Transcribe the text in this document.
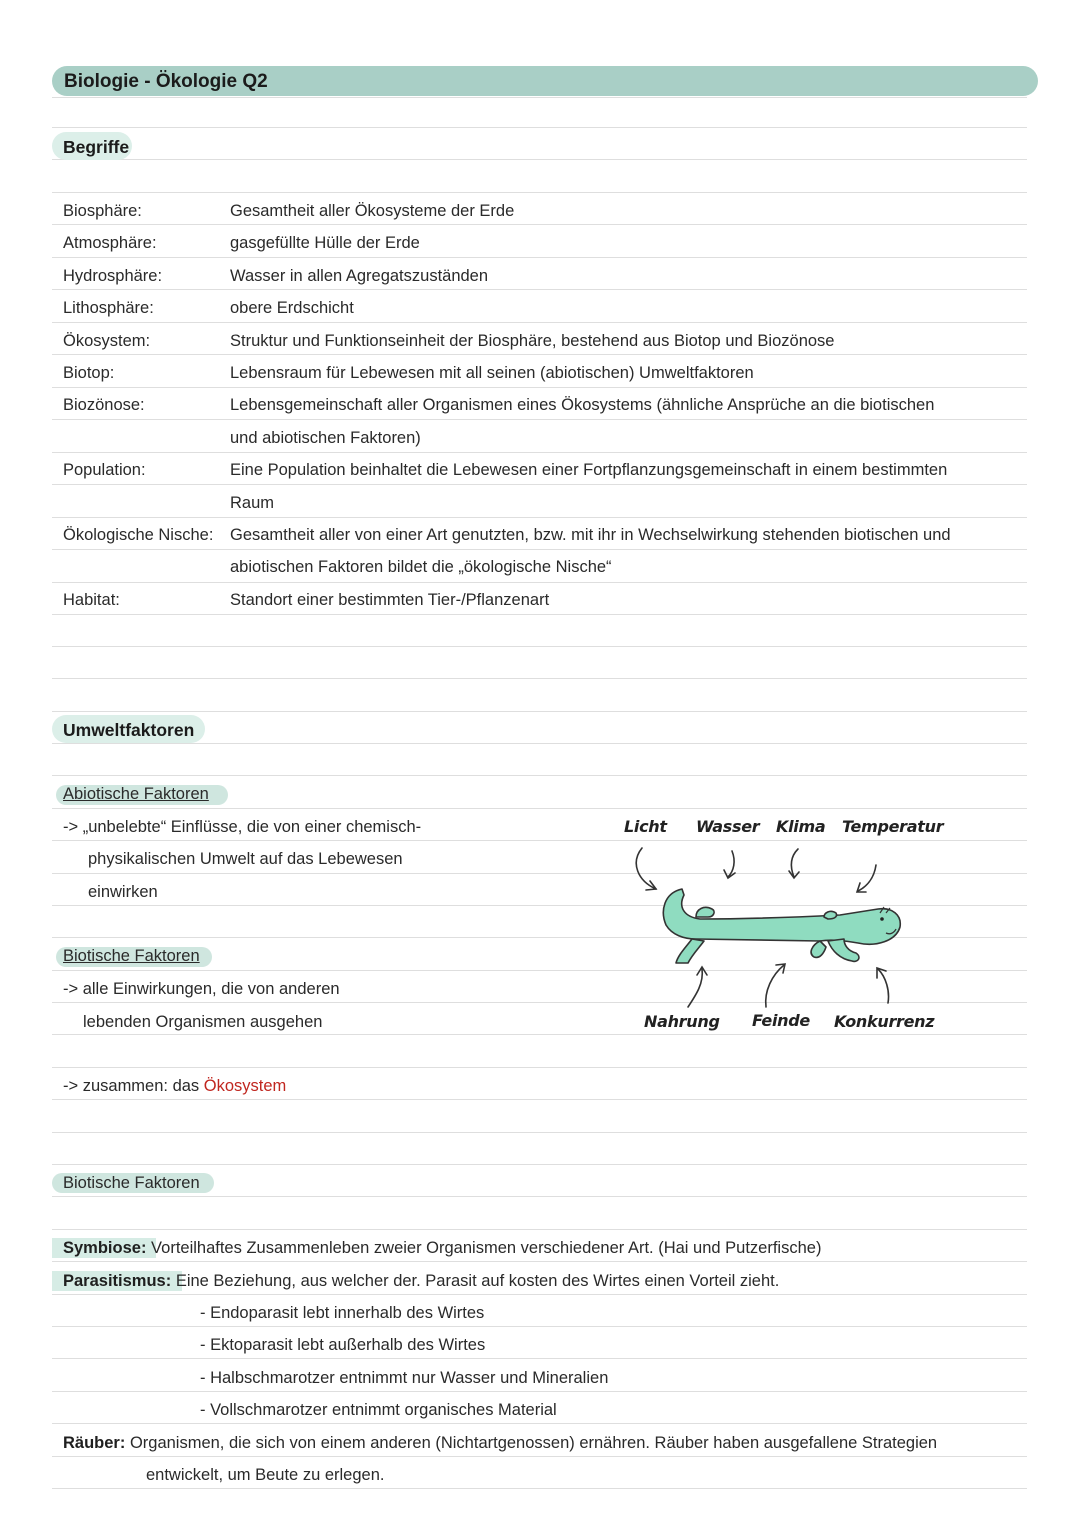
Biologie - Ökologie Q2
Begriffe
Biosphäre:	Gesamtheit aller Ökosysteme der Erde
Atmosphäre:	gasgefüllte Hülle der Erde
Hydrosphäre:	Wasser in allen Agregatszuständen
Lithosphäre:	obere Erdschicht
Ökosystem:	Struktur und Funktionseinheit der Biosphäre, bestehend aus Biotop und Biozönose
Biotop:	Lebensraum für Lebewesen mit all seinen (abiotischen) Umweltfaktoren
Biozönose:	Lebensgemeinschaft aller Organismen eines Ökosystems (ähnliche Ansprüche an die biotischen
und abiotischen Faktoren)
Population:	Eine Population beinhaltet die Lebewesen einer Fortpflanzungsgemeinschaft in einem bestimmten
Raum
Ökologische Nische: Gesamtheit aller von einer Art genutzten, bzw. mit ihr in Wechselwirkung stehenden biotischen und
abiotischen Faktoren bildet die „ökologische Nische“
Habitat:	Standort einer bestimmten Tier-/Pflanzenart
Umweltfaktoren
Abiotische Faktoren
-> „unbelebte“ Einflüsse, die von einer chemisch-
physikalischen Umwelt auf das Lebewesen
einwirken
Biotische Faktoren
-> alle Einwirkungen, die von anderen
lebenden Organismen ausgehen
-> zusammen: das Ökosystem
Licht Wasser Klima Temperatur
Nahrung Feinde Konkurrenz
Biotische Faktoren
Symbiose: Vorteilhaftes Zusammenleben zweier Organismen verschiedener Art. (Hai und Putzerfische)
Parasitismus: Eine Beziehung, aus welcher der. Parasit auf kosten des Wirtes einen Vorteil zieht.
- Endoparasit lebt innerhalb des Wirtes
- Ektoparasit lebt außerhalb des Wirtes
- Halbschmarotzer entnimmt nur Wasser und Mineralien
- Vollschmarotzer entnimmt organisches Material
Räuber: Organismen, die sich von einem anderen (Nichtartgenossen) ernähren. Räuber haben ausgefallene Strategien
entwickelt, um Beute zu erlegen.
